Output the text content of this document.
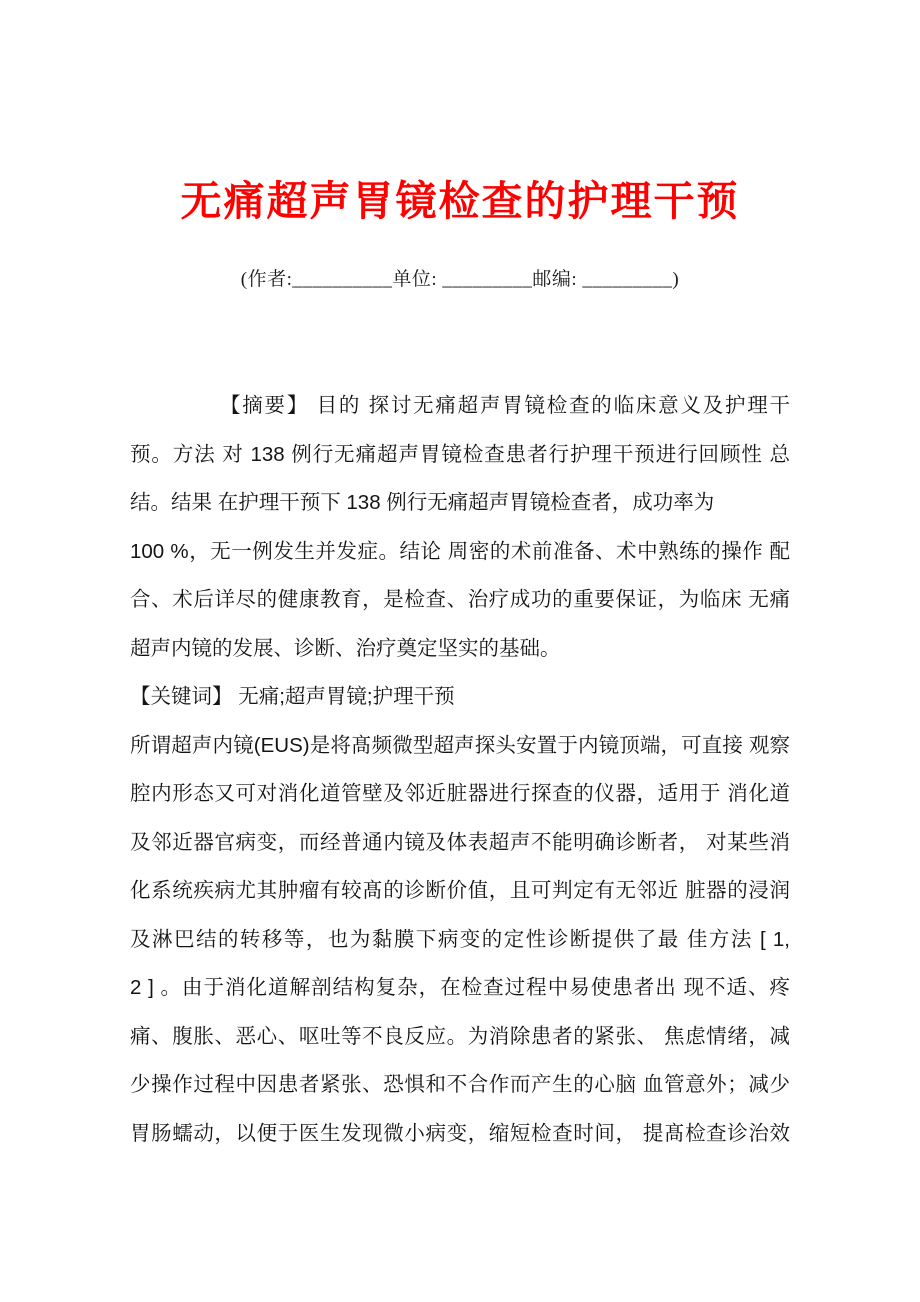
无痛超声胃镜检查的护理干预
(作者:__________单位: _________邮编: _________)
【摘要】 目的 探讨无痛超声胃镜检查的临床意义及护理干
预。方法 对 138 例行无痛超声胃镜检查患者行护理干预进行回顾性 总
结。结果 在护理干预下 138 例行无痛超声胃镜检查者，成功率为
100 %，无一例发生并发症。结论 周密的术前准备、术中熟练的操作 配
合、术后详尽的健康教育，是检查、治疗成功的重要保证，为临床 无痛
超声内镜的发展、诊断、治疗奠定坚实的基础。
【关键词】 无痛;超声胃镜;护理干预
所谓超声内镜(EUS)是将髙频微型超声探头安置于内镜顶端，可直接 观察
腔内形态又可对消化道管壁及邻近脏器进行探查的仪器，适用于 消化道
及邻近器官病变，而经普通内镜及体表超声不能明确诊断者， 对某些消
化系统疾病尤其肿瘤有较髙的诊断价值，且可判定有无邻近 脏器的浸润
及淋巴结的转移等，也为黏膜下病变的定性诊断提供了最 佳方法 [ 1,
2 ] 。由于消化道解剖结构复杂，在检查过程中易使患者出 现不适、疼
痛、腹胀、恶心、呕吐等不良反应。为消除患者的紧张、 焦虑情绪，减
少操作过程中因患者紧张、恐惧和不合作而产生的心脑 血管意外；减少
胃肠蠕动，以便于医生发现微小病变，缩短检查时间， 提髙检查诊治效
